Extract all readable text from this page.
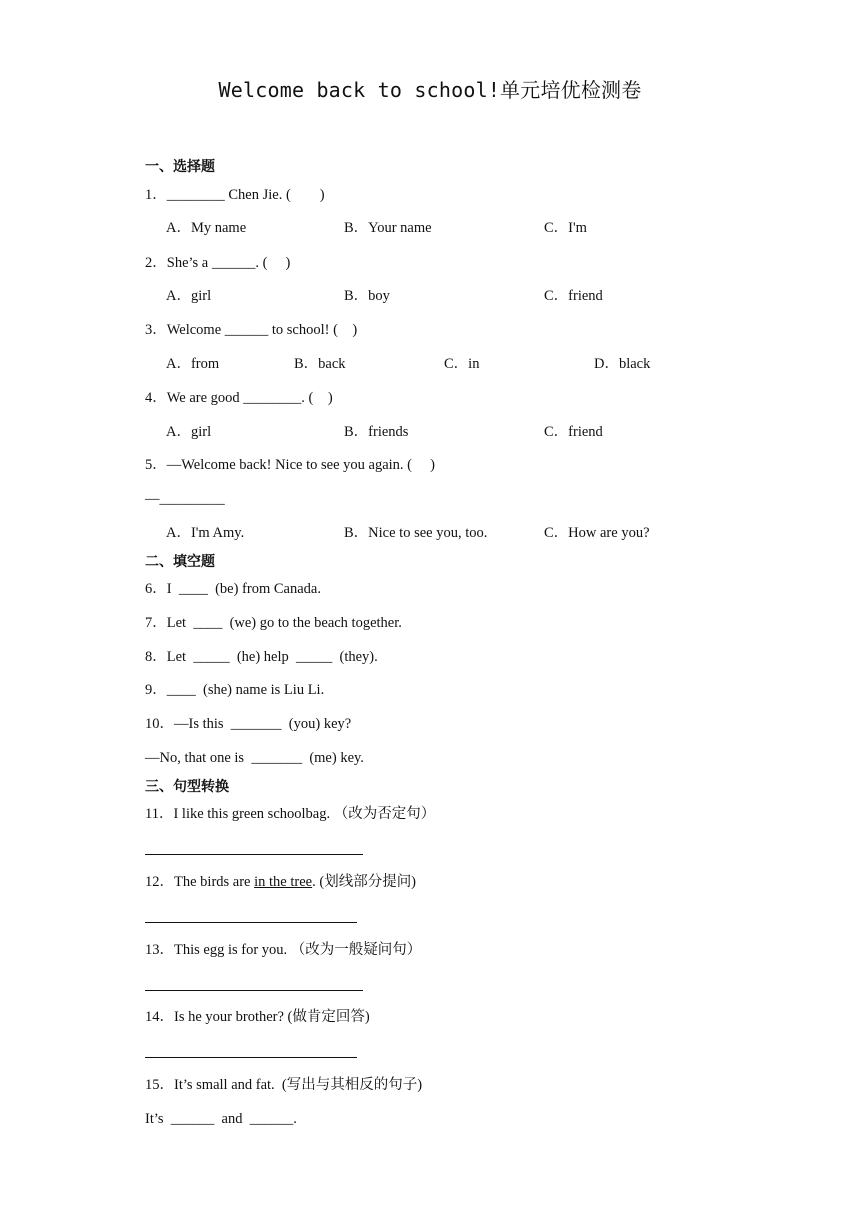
Welcome back to school!单元培优检测卷
一、选择题
1．________ Chen Jie. (　　)
A．My name	B．Your name	C．I'm
2．She’s a ______. (　 )
A．girl	B．boy	C．friend
3．Welcome ______ to school! (　)
A．from	B．back	C．in	D．black
4．We are good ________. (　)
A．girl	B．friends	C．friend
5．—Welcome back! Nice to see you again. (　 )
—_________
A．I'm Amy.	B．Nice to see you, too.	C．How are you?
二、填空题
6．I  ____  (be) from Canada.
7．Let  ____  (we) go to the beach together.
8．Let  _____  (he) help  _____  (they).
9．____  (she) name is Liu Li.
10．—Is this  _______  (you) key?
—No, that one is  _______  (me) key.
三、句型转换
11．I like this green schoolbag. （改为否定句）
12．The birds are in the tree. (划线部分提问)
13．This egg is for you. （改为一般疑问句）
14．Is he your brother? (做肯定回答)
15．It’s small and fat.  (写出与其相反的句子)
It’s  ______  and  ______.
